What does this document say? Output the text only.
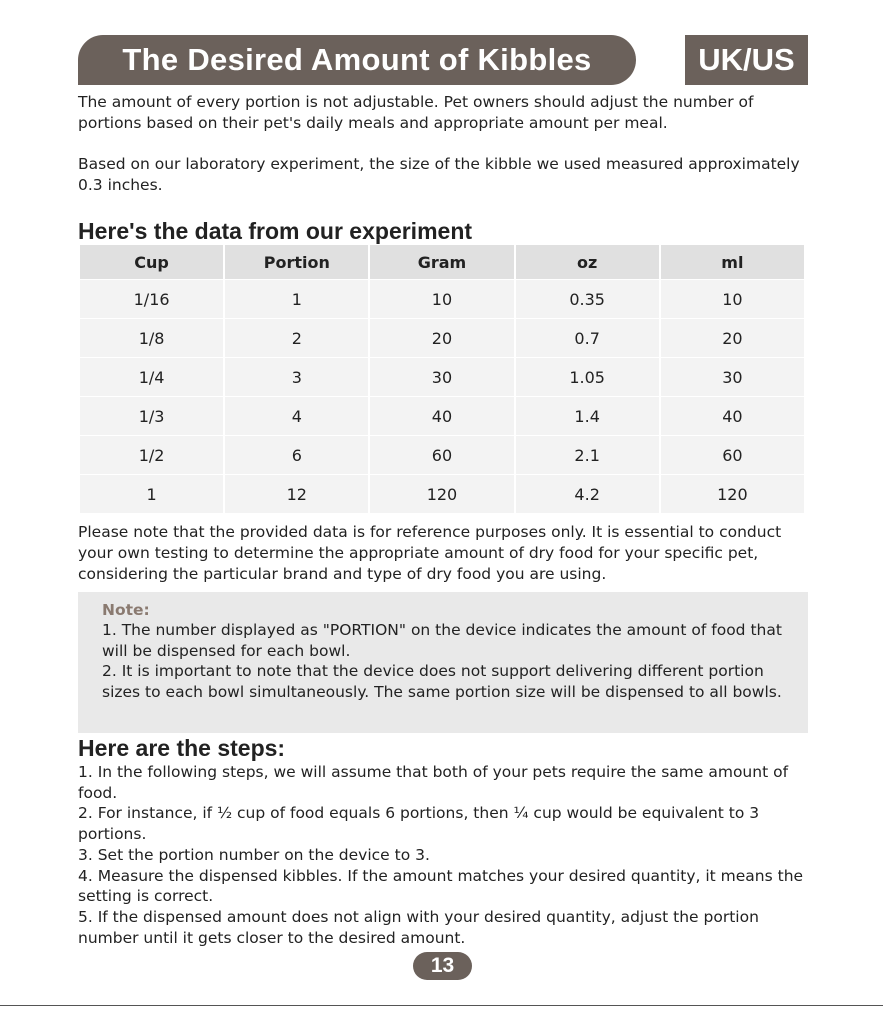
The Desired Amount of Kibbles	UK/US

The amount of every portion is not adjustable. Pet owners should adjust the number of portions based on their pet's daily meals and appropriate amount per meal.

Based on our laboratory experiment, the size of the kibble we used measured approximately 0.3 inches.

Here's the data from our experiment
Cup	Portion	Gram	oz	ml
1/16	1	10	0.35	10
1/8	2	20	0.7	20
1/4	3	30	1.05	30
1/3	4	40	1.4	40
1/2	6	60	2.1	60
1	12	120	4.2	120

Please note that the provided data is for reference purposes only. It is essential to conduct your own testing to determine the appropriate amount of dry food for your specific pet, considering the particular brand and type of dry food you are using.

Note:

1. The number displayed as "PORTION" on the device indicates the amount of food that will be dispensed for each bowl.

2. It is important to note that the device does not support delivering different portion sizes to each bowl simultaneously. The same portion size will be dispensed to all bowls.

Here are the steps:
1. In the following steps, we will assume that both of your pets require the same amount of food.
2. For instance, if ½ cup of food equals 6 portions, then ¼ cup would be equivalent to 3 portions.
3. Set the portion number on the device to 3.
4. Measure the dispensed kibbles. If the amount matches your desired quantity, it means the setting is correct.
5. If the dispensed amount does not align with your desired quantity, adjust the portion number until it gets closer to the desired amount.
13
